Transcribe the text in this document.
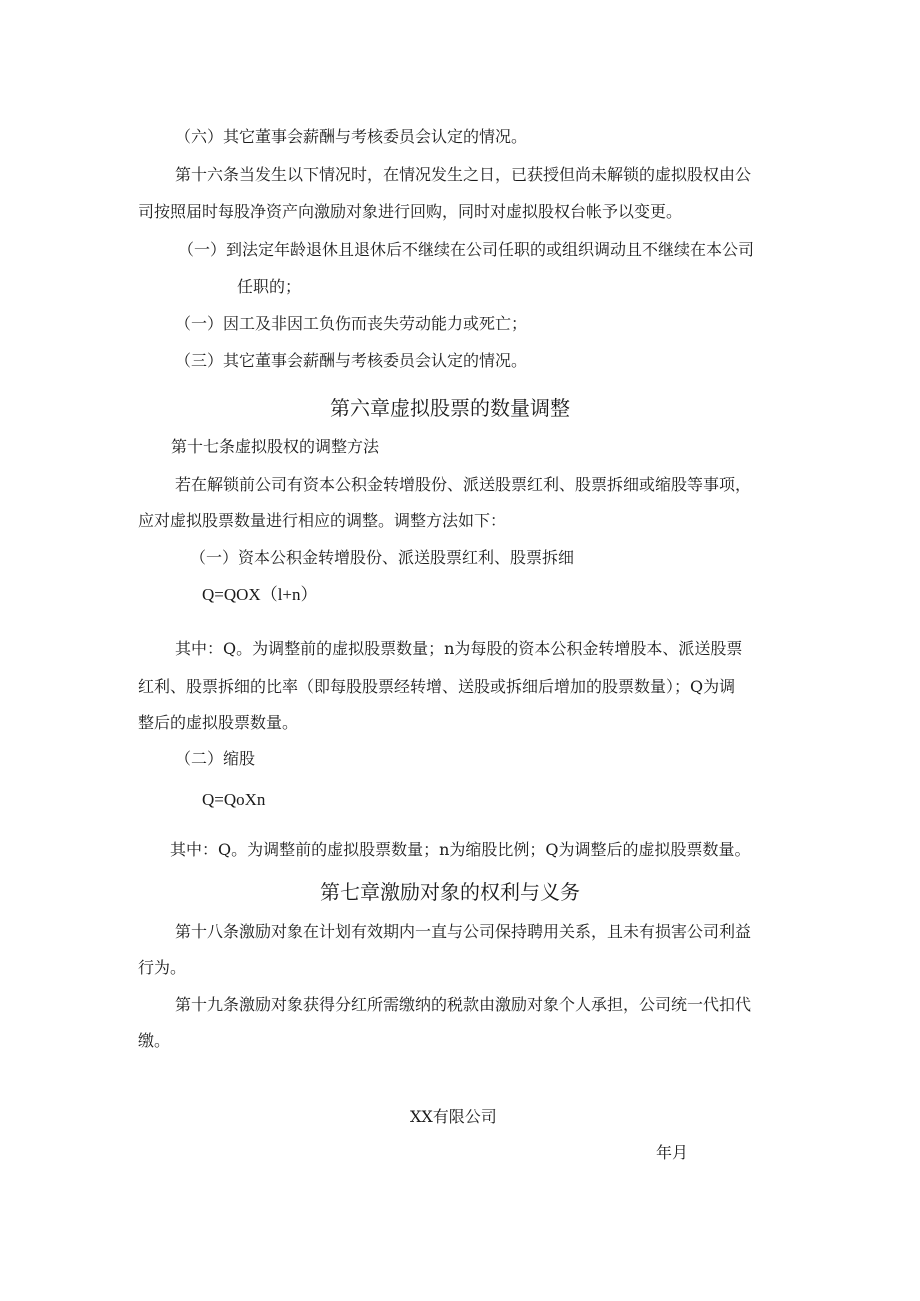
（六）其它董事会薪酬与考核委员会认定的情况。

第十六条当发生以下情况时，在情况发生之日，已获授但尚未解锁的虚拟股权由公

司按照届时每股净资产向激励对象进行回购，同时对虚拟股权台帐予以变更。

（一）到法定年龄退休且退休后不继续在公司任职的或组织调动且不继续在本公司

任职的；

（一）因工及非因工负伤而丧失劳动能力或死亡；

（三）其它董事会薪酬与考核委员会认定的情况。

第六章虚拟股票的数量调整

第十七条虚拟股权的调整方法

若在解锁前公司有资本公积金转增股份、派送股票红利、股票拆细或缩股等事项，

应对虚拟股票数量进行相应的调整。调整方法如下：

（一）资本公积金转增股份、派送股票红利、股票拆细

Q=QOX（l+n）

其中：Q。为调整前的虚拟股票数量；n为每股的资本公积金转增股本、派送股票

红利、股票拆细的比率（即每股股票经转增、送股或拆细后增加的股票数量）；Q为调

整后的虚拟股票数量。

（二）缩股

Q=QoXn

其中：Q。为调整前的虚拟股票数量；n为缩股比例；Q为调整后的虚拟股票数量。

第七章激励对象的权利与义务

第十八条激励对象在计划有效期内一直与公司保持聘用关系，且未有损害公司利益

行为。

第十九条激励对象获得分红所需缴纳的税款由激励对象个人承担，公司统一代扣代

缴。

XX有限公司

年月
